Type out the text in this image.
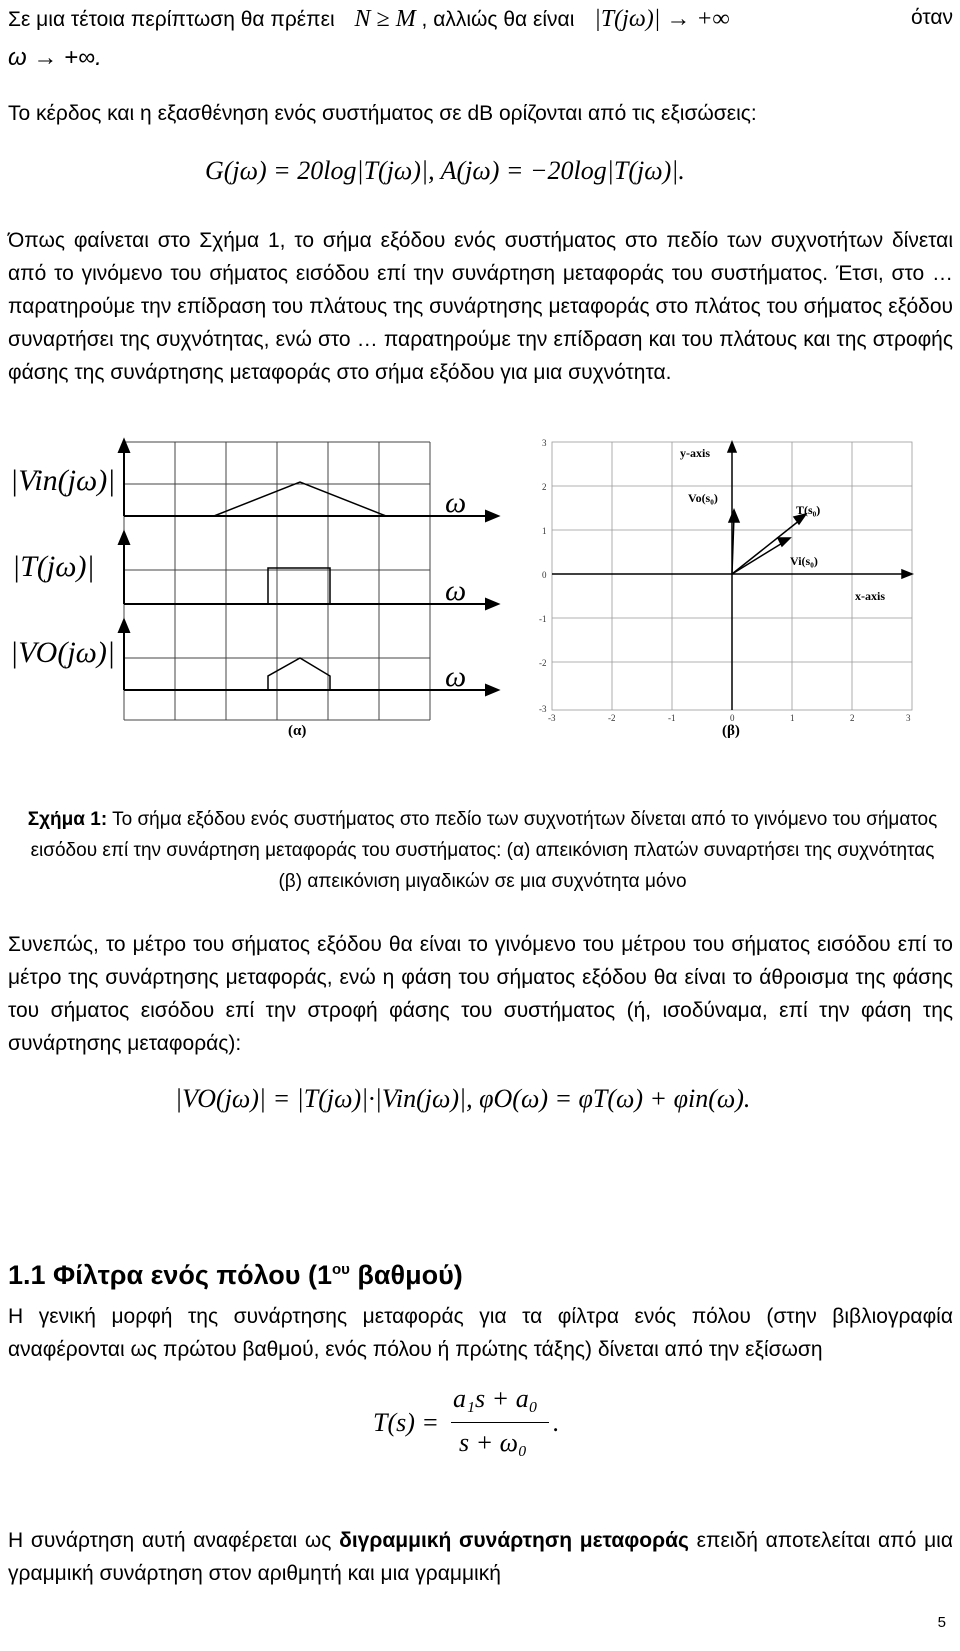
Σε μια τέτοια περίπτωση θα πρέπει N ≥ M , αλλιώς θα είναι |T(jω)| → +∞	όταν
ω → +∞.
Το κέρδος και η εξασθένηση ενός συστήματος σε dB ορίζονται από τις εξισώσεις:
G(jω) = 20log|T(jω)|, A(jω) = −20log|T(jω)|.
Όπως φαίνεται στο Σχήμα 1, το σήμα εξόδου ενός συστήματος στο πεδίο των συχνοτήτων δίνεται από το γινόμενο του σήματος εισόδου επί την συνάρτηση μεταφοράς του συστήματος. Έτσι, στο … παρατηρούμε την επίδραση του πλάτους της συνάρτησης μεταφοράς στο πλάτος του σήματος εξόδου συναρτήσει της συχνότητας, ενώ στο … παρατηρούμε την επίδραση και του πλάτους και της στροφής φάσης της συνάρτησης μεταφοράς στο σήμα εξόδου για μια συχνότητα.
|Vin(jω)|
|T(jω)|
|VO(jω)|
ω
ω
ω
(α)
-3	-2	-1	0	1	2	3
3
2
1
0
-1
-2
-3
y-axis
x-axis
Vo(s₀)
T(s₀)
Vi(s₀)
(β)
Σχήμα 1: Το σήμα εξόδου ενός συστήματος στο πεδίο των συχνοτήτων δίνεται από το γινόμενο του σήματος εισόδου επί την συνάρτηση μεταφοράς του συστήματος: (α) απεικόνιση πλατών συναρτήσει της συχνότητας (β) απεικόνιση μιγαδικών σε μια συχνότητα μόνο
Συνεπώς, το μέτρο του σήματος εξόδου θα είναι το γινόμενο του μέτρου του σήματος εισόδου επί το μέτρο της συνάρτησης μεταφοράς, ενώ η φάση του σήματος εξόδου θα είναι το άθροισμα της φάσης του σήματος εισόδου επί την στροφή φάσης του συστήματος (ή, ισοδύναμα, επί την φάση της συνάρτησης μεταφοράς):
|VO(jω)| = |T(jω)|·|Vin(jω)|, φO(ω) = φT(ω) + φin(ω).
1.1 Φίλτρα ενός πόλου ($1^{o\upsilon}$ βαθμού)
Η γενική μορφή της συνάρτησης μεταφοράς για τα φίλτρα ενός πόλου (στην βιβλιογραφία αναφέρονται ως πρώτου βαθμού, ενός πόλου ή πρώτης τάξης) δίνεται από την εξίσωση
T(s) =
a₁s + a₀
s + ω₀
.
Η συνάρτηση αυτή αναφέρεται ως διγραμμική συνάρτηση μεταφοράς επειδή αποτελείται από μια γραμμική συνάρτηση στον αριθμητή και μια γραμμική
5
